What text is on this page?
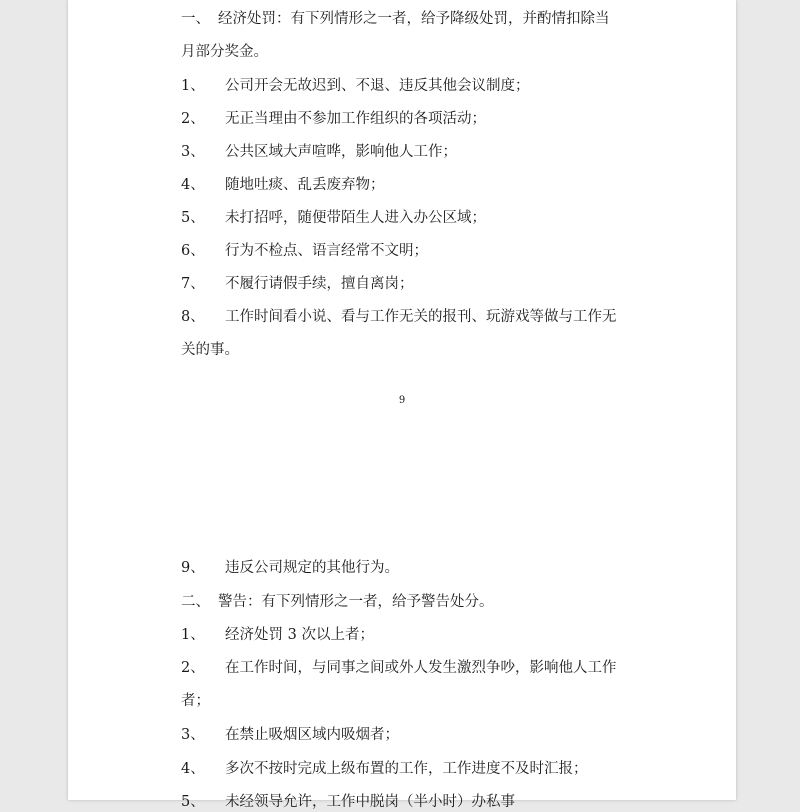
一、 经济处罚：有下列情形之一者，给予降级处罚，并酌情扣除当
月部分奖金。
1、	公司开会无故迟到、不退、违反其他会议制度；
2、	无正当理由不参加工作组织的各项活动；
3、	公共区域大声喧哗，影响他人工作；
4、	随地吐痰、乱丢废弃物；
5、	未打招呼，随便带陌生人进入办公区域；
6、	行为不检点、语言经常不文明；
7、	不履行请假手续，擅自离岗；
8、	工作时间看小说、看与工作无关的报刊、玩游戏等做与工作无
关的事。
9
9、	违反公司规定的其他行为。
二、 警告：有下列情形之一者，给予警告处分。
1、	经济处罚 3 次以上者；
2、	在工作时间，与同事之间或外人发生激烈争吵，影响他人工作
者；
3、	在禁止吸烟区域内吸烟者；
4、	多次不按时完成上级布置的工作，工作进度不及时汇报；
5、	未经领导允许，工作中脱岗（半小时）办私事
